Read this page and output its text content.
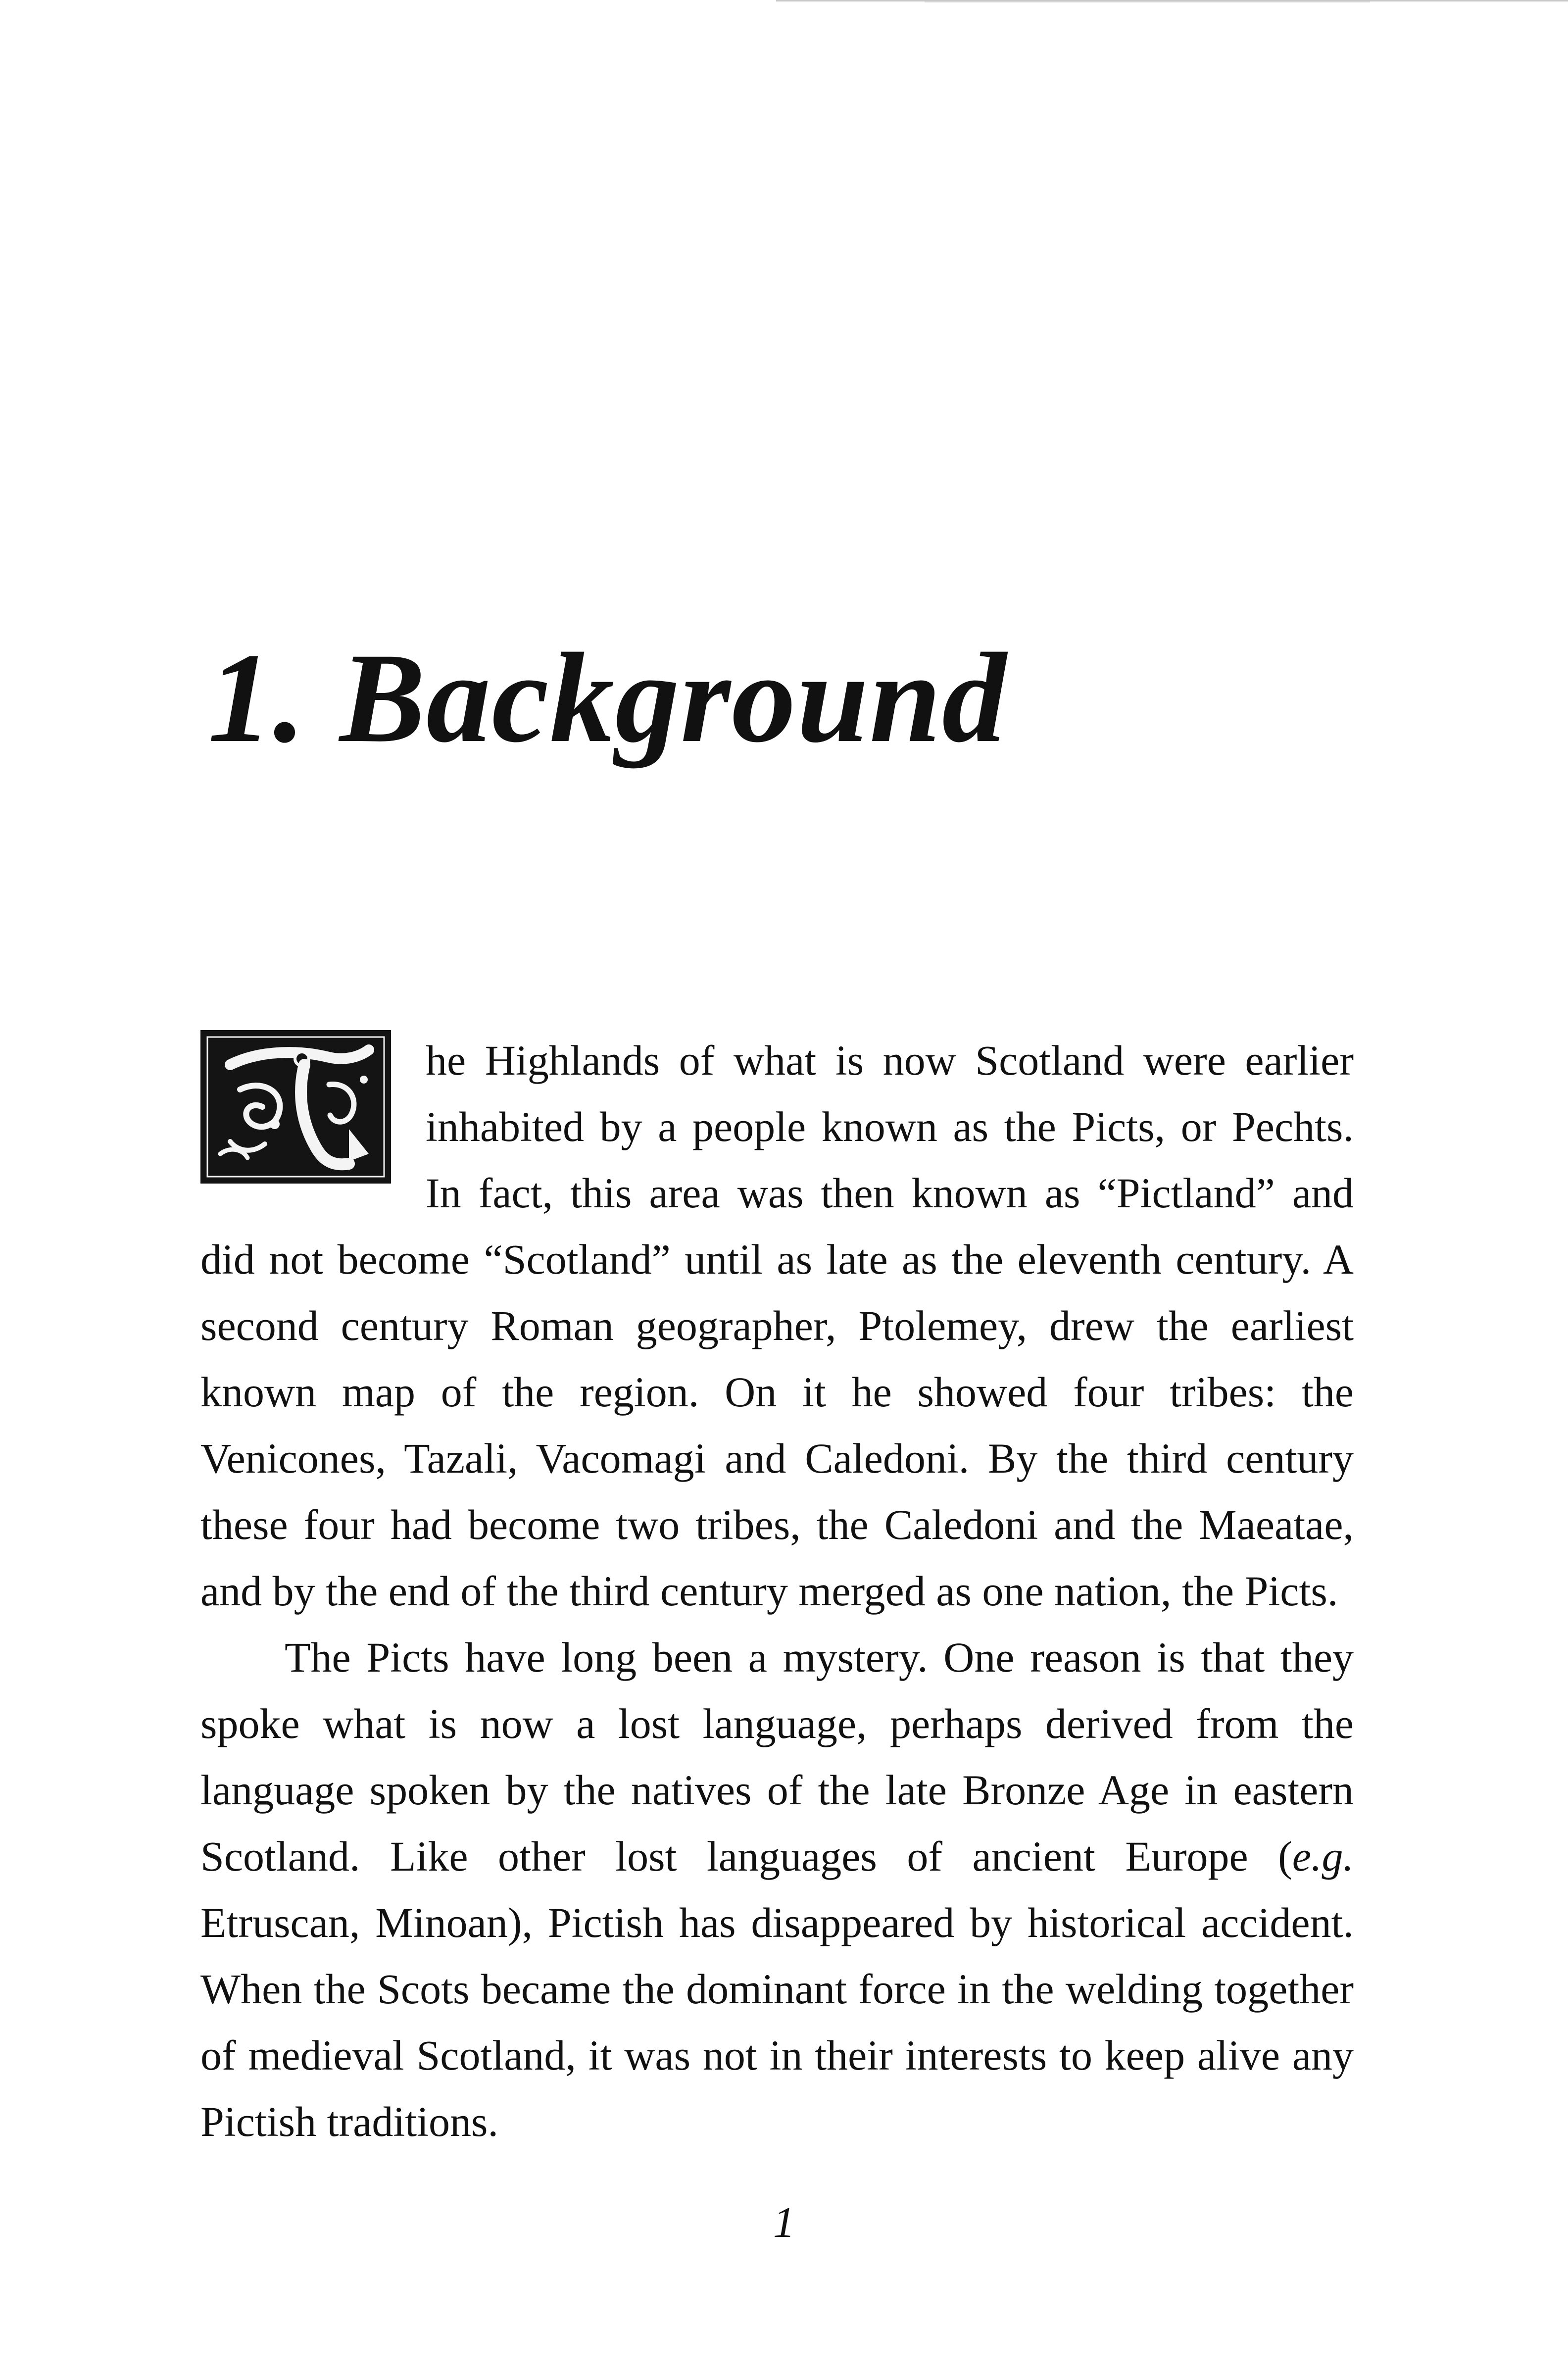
1. Background

he Highlands of what is now Scotland were earlier inhabited by a people known as the Picts, or Pechts. In fact, this area was then known as “Pictland” and did not become “Scotland” until as late as the eleventh century. A second century Roman geographer, Ptolemey, drew the earliest known map of the region. On it he showed four tribes: the Venicones, Tazali, Vacomagi and Caledoni. By the third century these four had become two tribes, the Caledoni and the Maeatae, and by the end of the third century merged as one nation, the Picts.

The Picts have long been a mystery. One reason is that they spoke what is now a lost language, perhaps derived from the language spoken by the natives of the late Bronze Age in eastern Scotland. Like other lost languages of ancient Europe (e.g. Etruscan, Minoan), Pictish has disappeared by historical accident. When the Scots became the dominant force in the welding together of medieval Scotland, it was not in their interests to keep alive any Pictish traditions.

1
